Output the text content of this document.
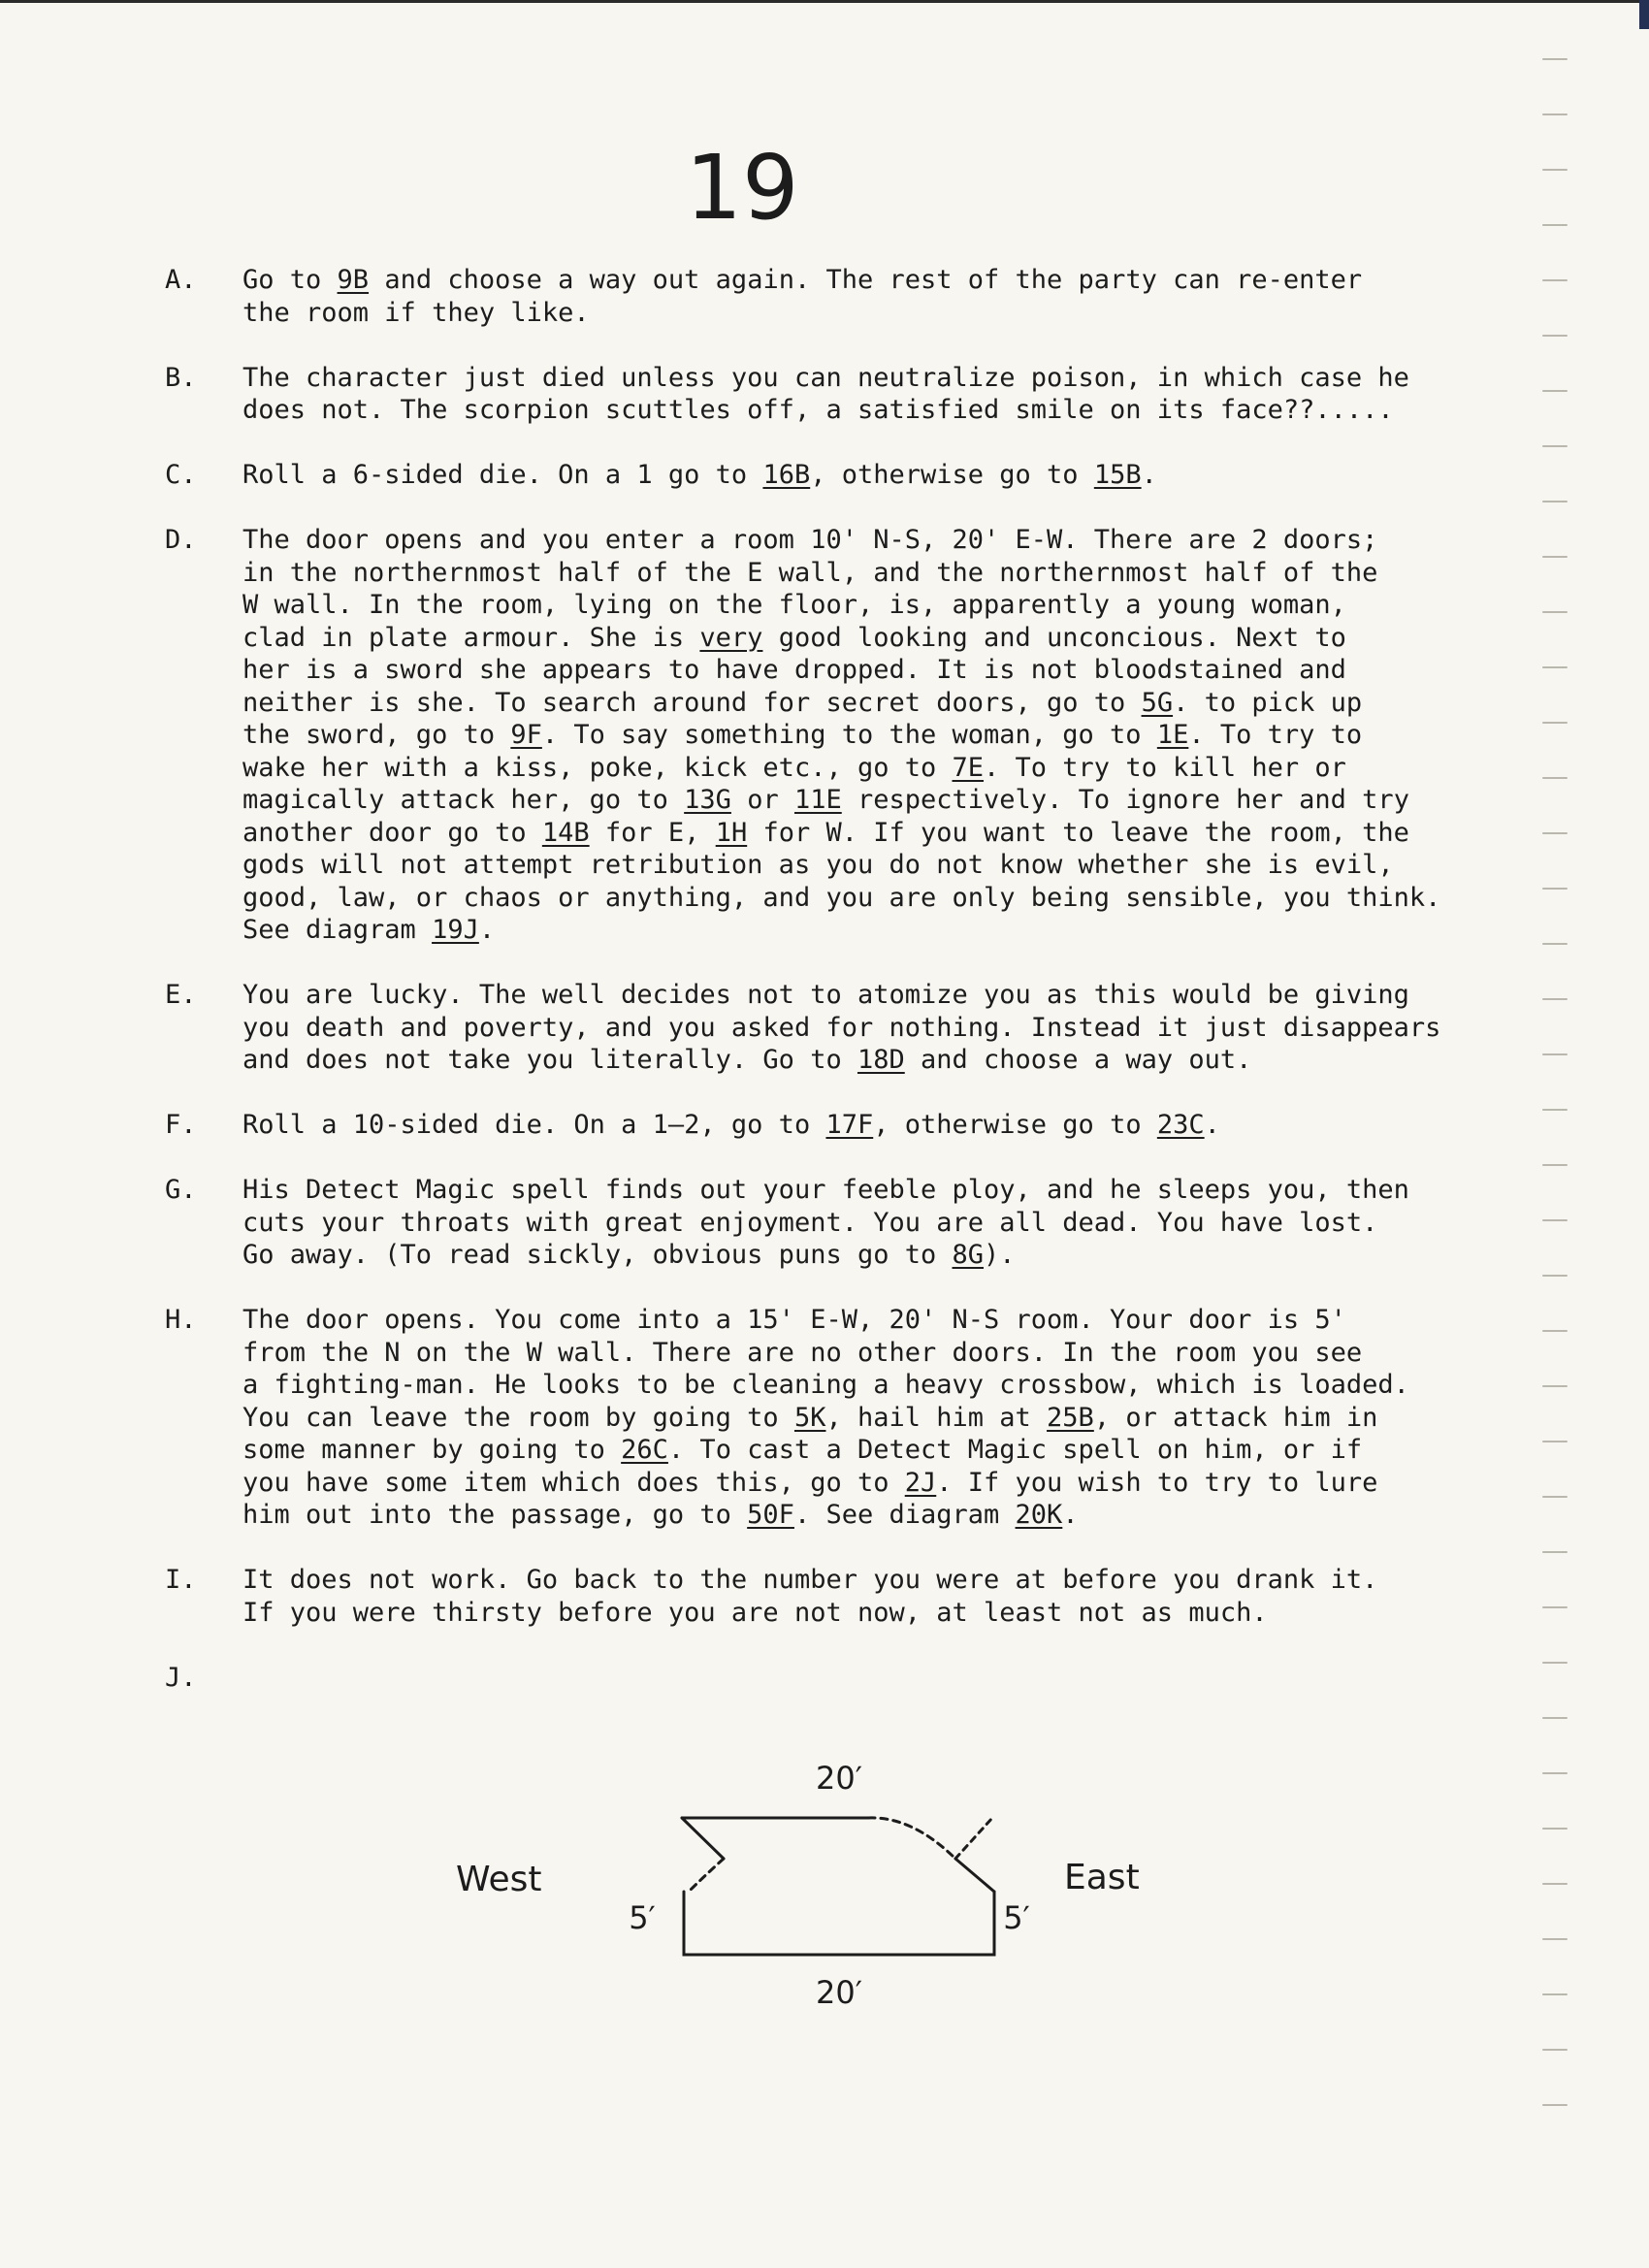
19
A.	Go to 9B and choose a way out again. The rest of the party can re-enter
the room if they like.
B.	The character just died unless you can neutralize poison, in which case he
does not. The scorpion scuttles off, a satisfied smile on its face??.....
C.	Roll a 6-sided die. On a 1 go to 16B, otherwise go to 15B.
D.	The door opens and you enter a room 10' N-S, 20' E-W. There are 2 doors;
in the northernmost half of the E wall, and the northernmost half of the
W wall. In the room, lying on the floor, is, apparently a young woman,
clad in plate armour. She is very good looking and unconcious. Next to
her is a sword she appears to have dropped. It is not bloodstained and
neither is she. To search around for secret doors, go to 5G. to pick up
the sword, go to 9F. To say something to the woman, go to 1E. To try to
wake her with a kiss, poke, kick etc., go to 7E. To try to kill her or
magically attack her, go to 13G or 11E respectively. To ignore her and try
another door go to 14B for E, 1H for W. If you want to leave the room, the
gods will not attempt retribution as you do not know whether she is evil,
good, law, or chaos or anything, and you are only being sensible, you think.
See diagram 19J.
E.	You are lucky. The well decides not to atomize you as this would be giving
you death and poverty, and you asked for nothing. Instead it just disappears
and does not take you literally. Go to 18D and choose a way out.
F.	Roll a 10-sided die. On a 1—2, go to 17F, otherwise go to 23C.
G.	His Detect Magic spell finds out your feeble ploy, and he sleeps you, then
cuts your throats with great enjoyment. You are all dead. You have lost.
Go away. (To read sickly, obvious puns go to 8G).
H.	The door opens. You come into a 15' E-W, 20' N-S room. Your door is 5'
from the N on the W wall. There are no other doors. In the room you see
a fighting-man. He looks to be cleaning a heavy crossbow, which is loaded.
You can leave the room by going to 5K, hail him at 25B, or attack him in
some manner by going to 26C. To cast a Detect Magic spell on him, or if
you have some item which does this, go to 2J. If you wish to try to lure
him out into the passage, go to 50F. See diagram 20K.
I.	It does not work. Go back to the number you were at before you drank it.
If you were thirsty before you are not now, at least not as much.
J.
20′
20′
5′	5′
West	East
